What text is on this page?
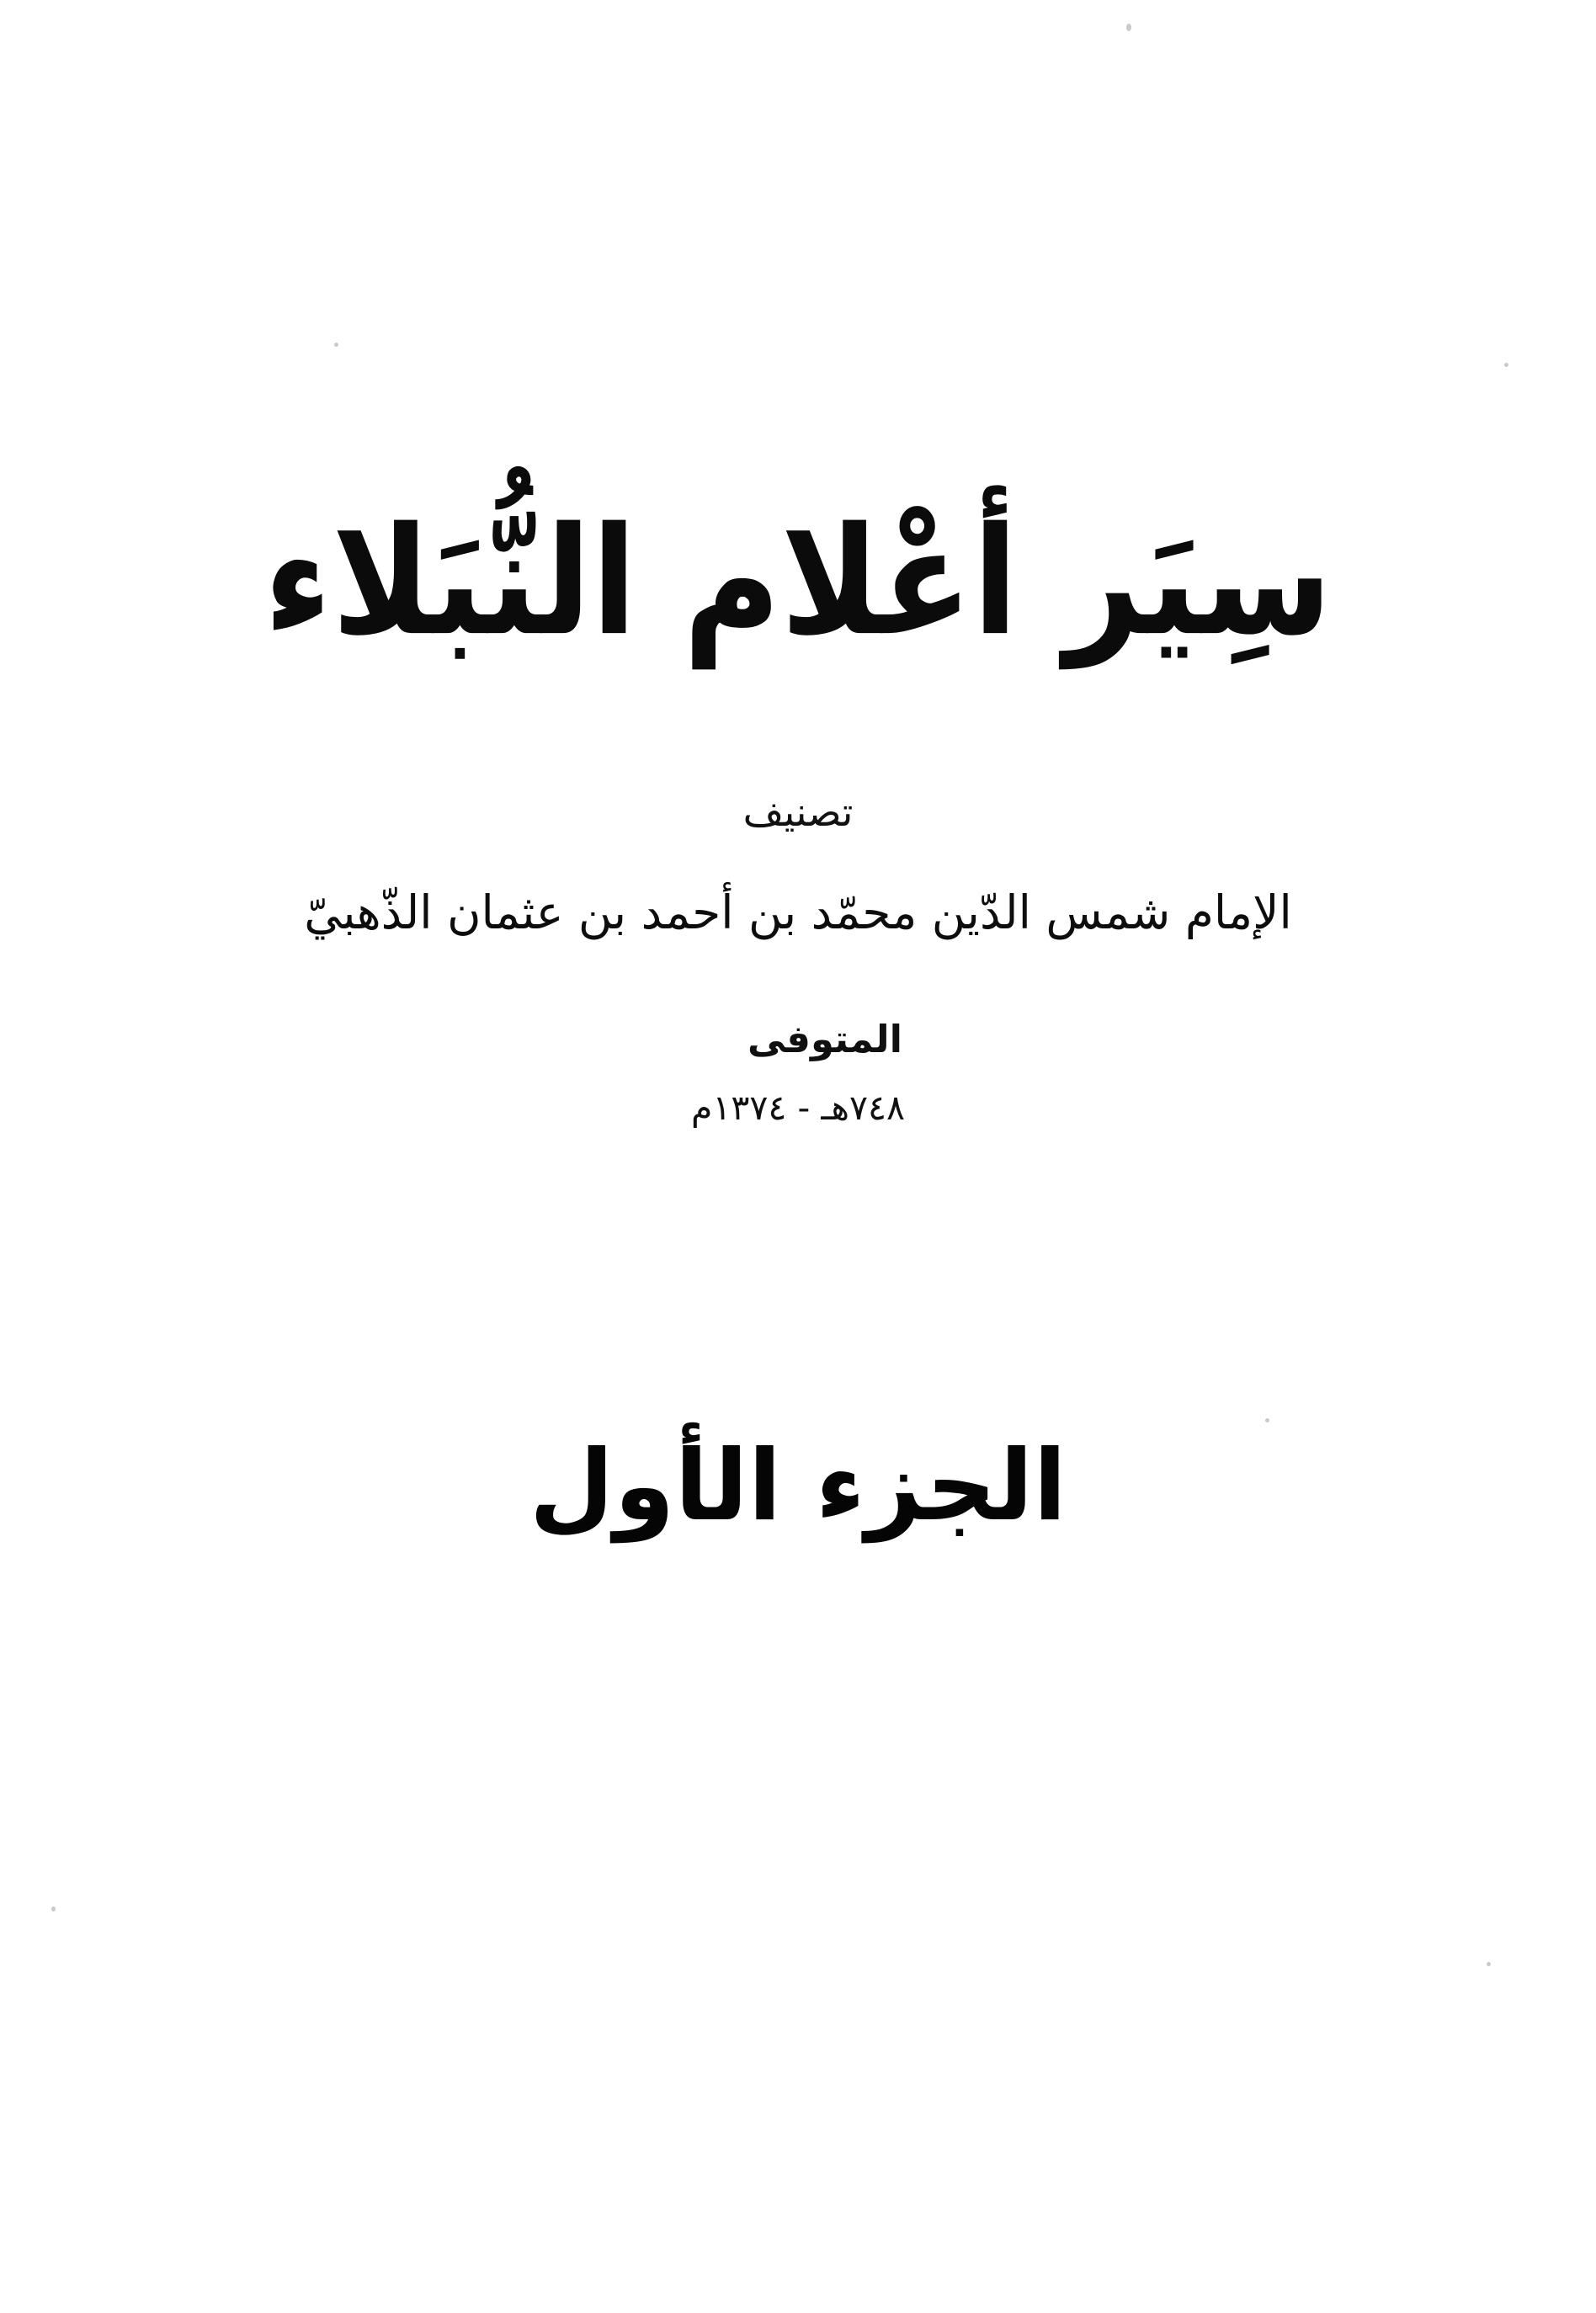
سِيَر أعْلام النُّبَلاء
تصنيف
الإمام شمس الدّين محمّد بن أحمد بن عثمان الذّهبيّ
المتوفى
٧٤٨هـ - ١٣٧٤م
الجزء الأول
